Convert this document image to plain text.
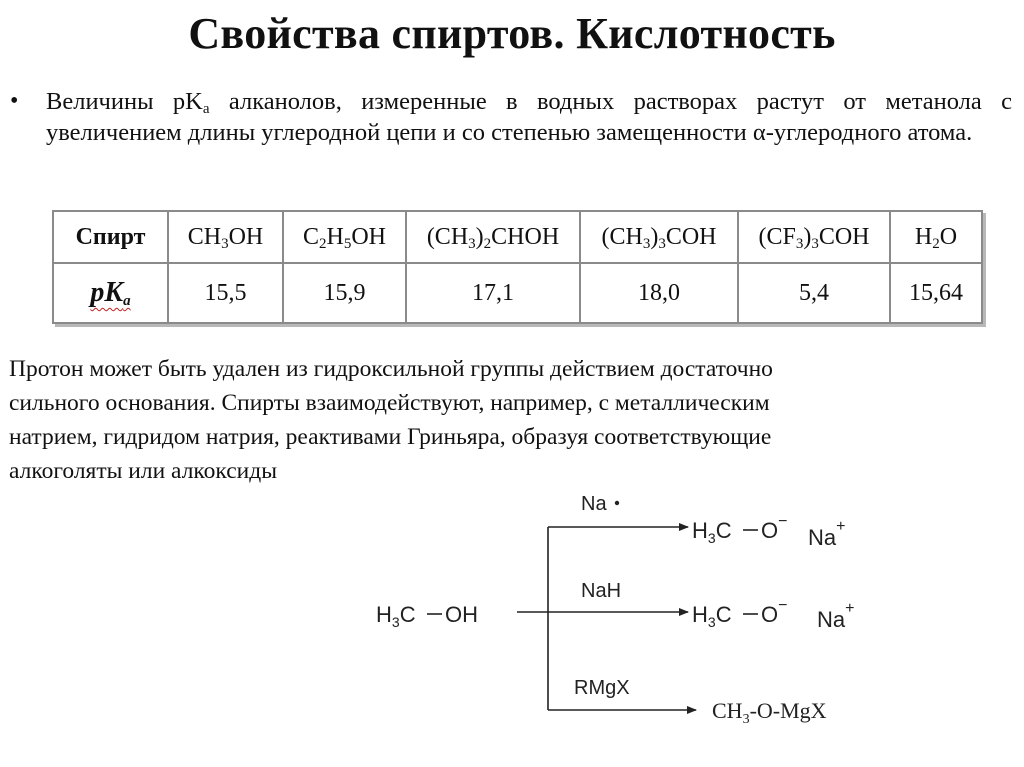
Свойства спиртов. Кислотность
• Величины $pK_a$ алканолов, измеренные в водных растворах растут от метанола с увеличением длины углеродной цепи и со степенью замещенности α-углеродного атома.
Спирт	$CH_3OH$	$C_2H_5OH$	$(CH_3)_2CHOH$	$(CH_3)_3COH$	$(CF_3)_3COH$	$H_2O$
$pK_a$	15,5	15,9	17,1	18,0	5,4	15,64
Протон может быть удален из гидроксильной группы действием достаточно
сильного основания. Спирты взаимодействуют, например, с металлическим
натрием, гидридом натрия, реактивами Гриньяра, образуя соответствующие
алкоголяты или алкоксиды
$H_3C$ OH
Na
NaH
RMgX
$H_3C$ O−
Na+
$H_3C$ O−
Na+
$CH_3-O$-MgX
